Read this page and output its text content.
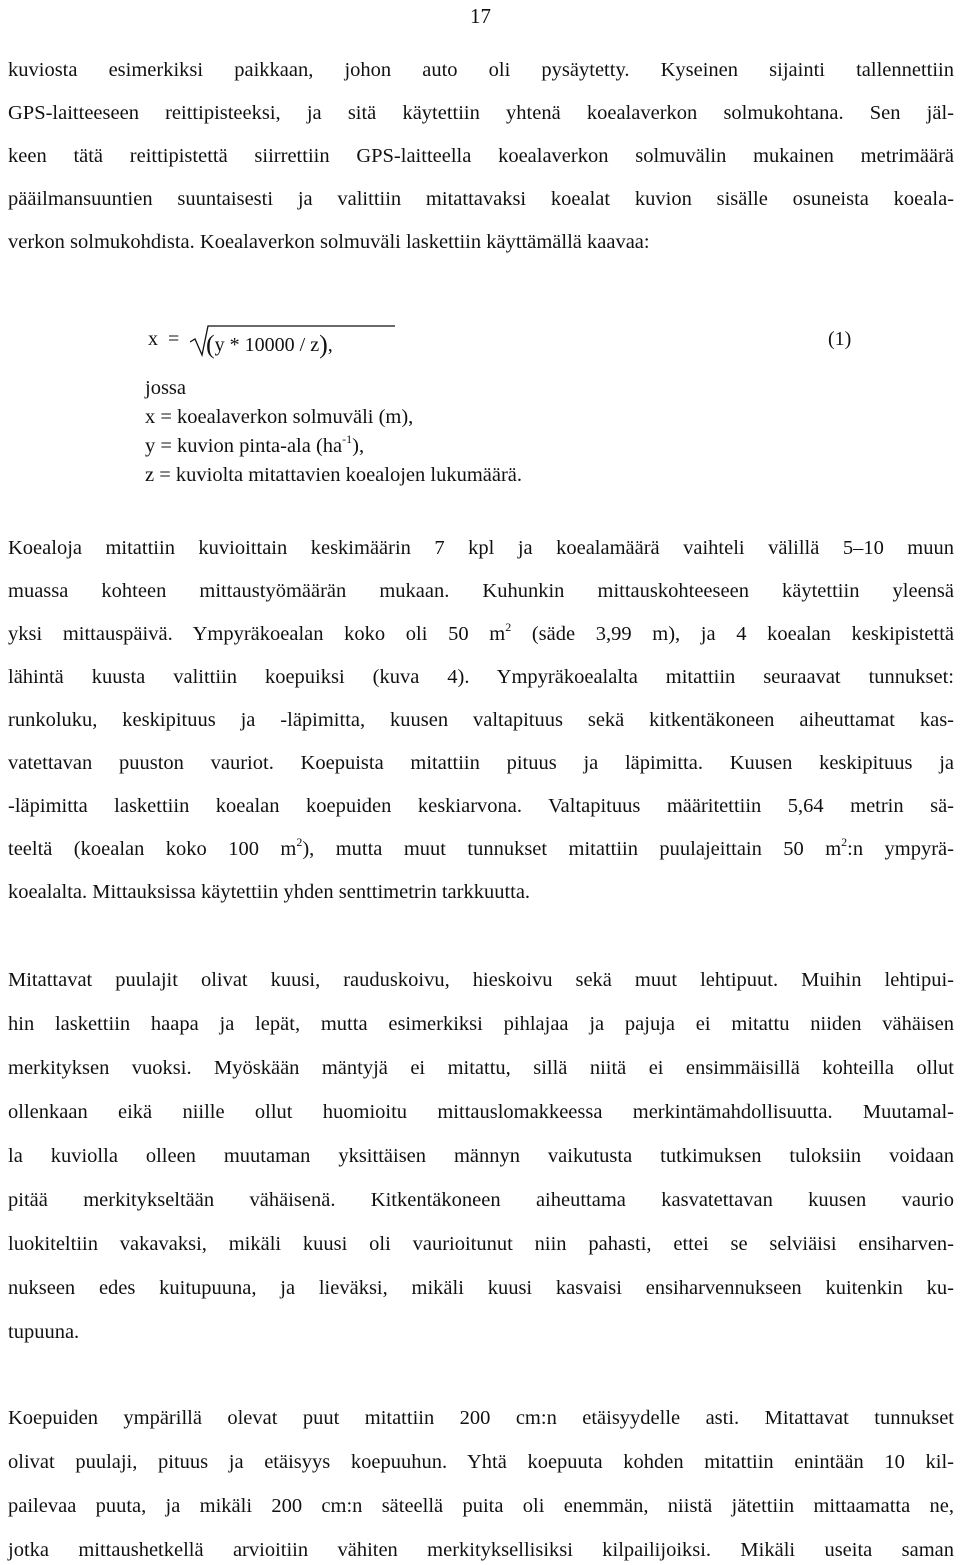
17
kuviosta esimerkiksi paikkaan, johon auto oli pysäytetty. Kyseinen sijainti tallennettiin
GPS-laitteeseen reittipisteeksi, ja sitä käytettiin yhtenä koealaverkon solmukohtana. Sen jäl-
keen tätä reittipistettä siirrettiin GPS-laitteella koealaverkon solmuvälin mukainen metrimäärä
pääilmansuuntien suuntaisesti ja valittiin mitattavaksi koealat kuvion sisälle osuneista koeala-
verkon solmukohdista. Koealaverkon solmuväli laskettiin käyttämällä kaavaa:
x = (y * 10000 / z),	(1)
jossa
x = koealaverkon solmuväli (m),
y = kuvion pinta-ala $(ha^{-1})$,
z = kuviolta mitattavien koealojen lukumäärä.
Koealoja mitattiin kuvioittain keskimäärin 7 kpl ja koealamäärä vaihteli välillä 5–10 muun
muassa kohteen mittaustyömäärän mukaan. Kuhunkin mittauskohteeseen käytettiin yleensä
yksi mittauspäivä. Ympyräkoealan koko oli 50 $m^2$ (säde 3,99 m), ja 4 koealan keskipistettä
lähintä kuusta valittiin koepuiksi (kuva 4). Ympyräkoealalta mitattiin seuraavat tunnukset:
runkoluku, keskipituus ja -läpimitta, kuusen valtapituus sekä kitkentäkoneen aiheuttamat kas-
vatettavan puuston vauriot. Koepuista mitattiin pituus ja läpimitta. Kuusen keskipituus ja
-läpimitta laskettiin koealan koepuiden keskiarvona. Valtapituus määritettiin 5,64 metrin sä-
teeltä (koealan koko 100 $m^2$), mutta muut tunnukset mitattiin puulajeittain 50 $m^2:n$ ympyrä-
koealalta. Mittauksissa käytettiin yhden senttimetrin tarkkuutta.
Mitattavat puulajit olivat kuusi, rauduskoivu, hieskoivu sekä muut lehtipuut. Muihin lehtipui-
hin laskettiin haapa ja lepät, mutta esimerkiksi pihlajaa ja pajuja ei mitattu niiden vähäisen
merkityksen vuoksi. Myöskään mäntyjä ei mitattu, sillä niitä ei ensimmäisillä kohteilla ollut
ollenkaan eikä niille ollut huomioitu mittauslomakkeessa merkintämahdollisuutta. Muutamal-
la kuviolla olleen muutaman yksittäisen männyn vaikutusta tutkimuksen tuloksiin voidaan
pitää merkitykseltään vähäisenä. Kitkentäkoneen aiheuttama kasvatettavan kuusen vaurio
luokiteltiin vakavaksi, mikäli kuusi oli vaurioitunut niin pahasti, ettei se selviäisi ensiharven-
nukseen edes kuitupuuna, ja lieväksi, mikäli kuusi kasvaisi ensiharvennukseen kuitenkin ku-
tupuuna.
Koepuiden ympärillä olevat puut mitattiin 200 cm:n etäisyydelle asti. Mitattavat tunnukset
olivat puulaji, pituus ja etäisyys koepuuhun. Yhtä koepuuta kohden mitattiin enintään 10 kil-
pailevaa puuta, ja mikäli 200 cm:n säteellä puita oli enemmän, niistä jätettiin mittaamatta ne,
jotka mittaushetkellä arvioitiin vähiten merkityksellisiksi kilpailijoiksi. Mikäli useita saman
